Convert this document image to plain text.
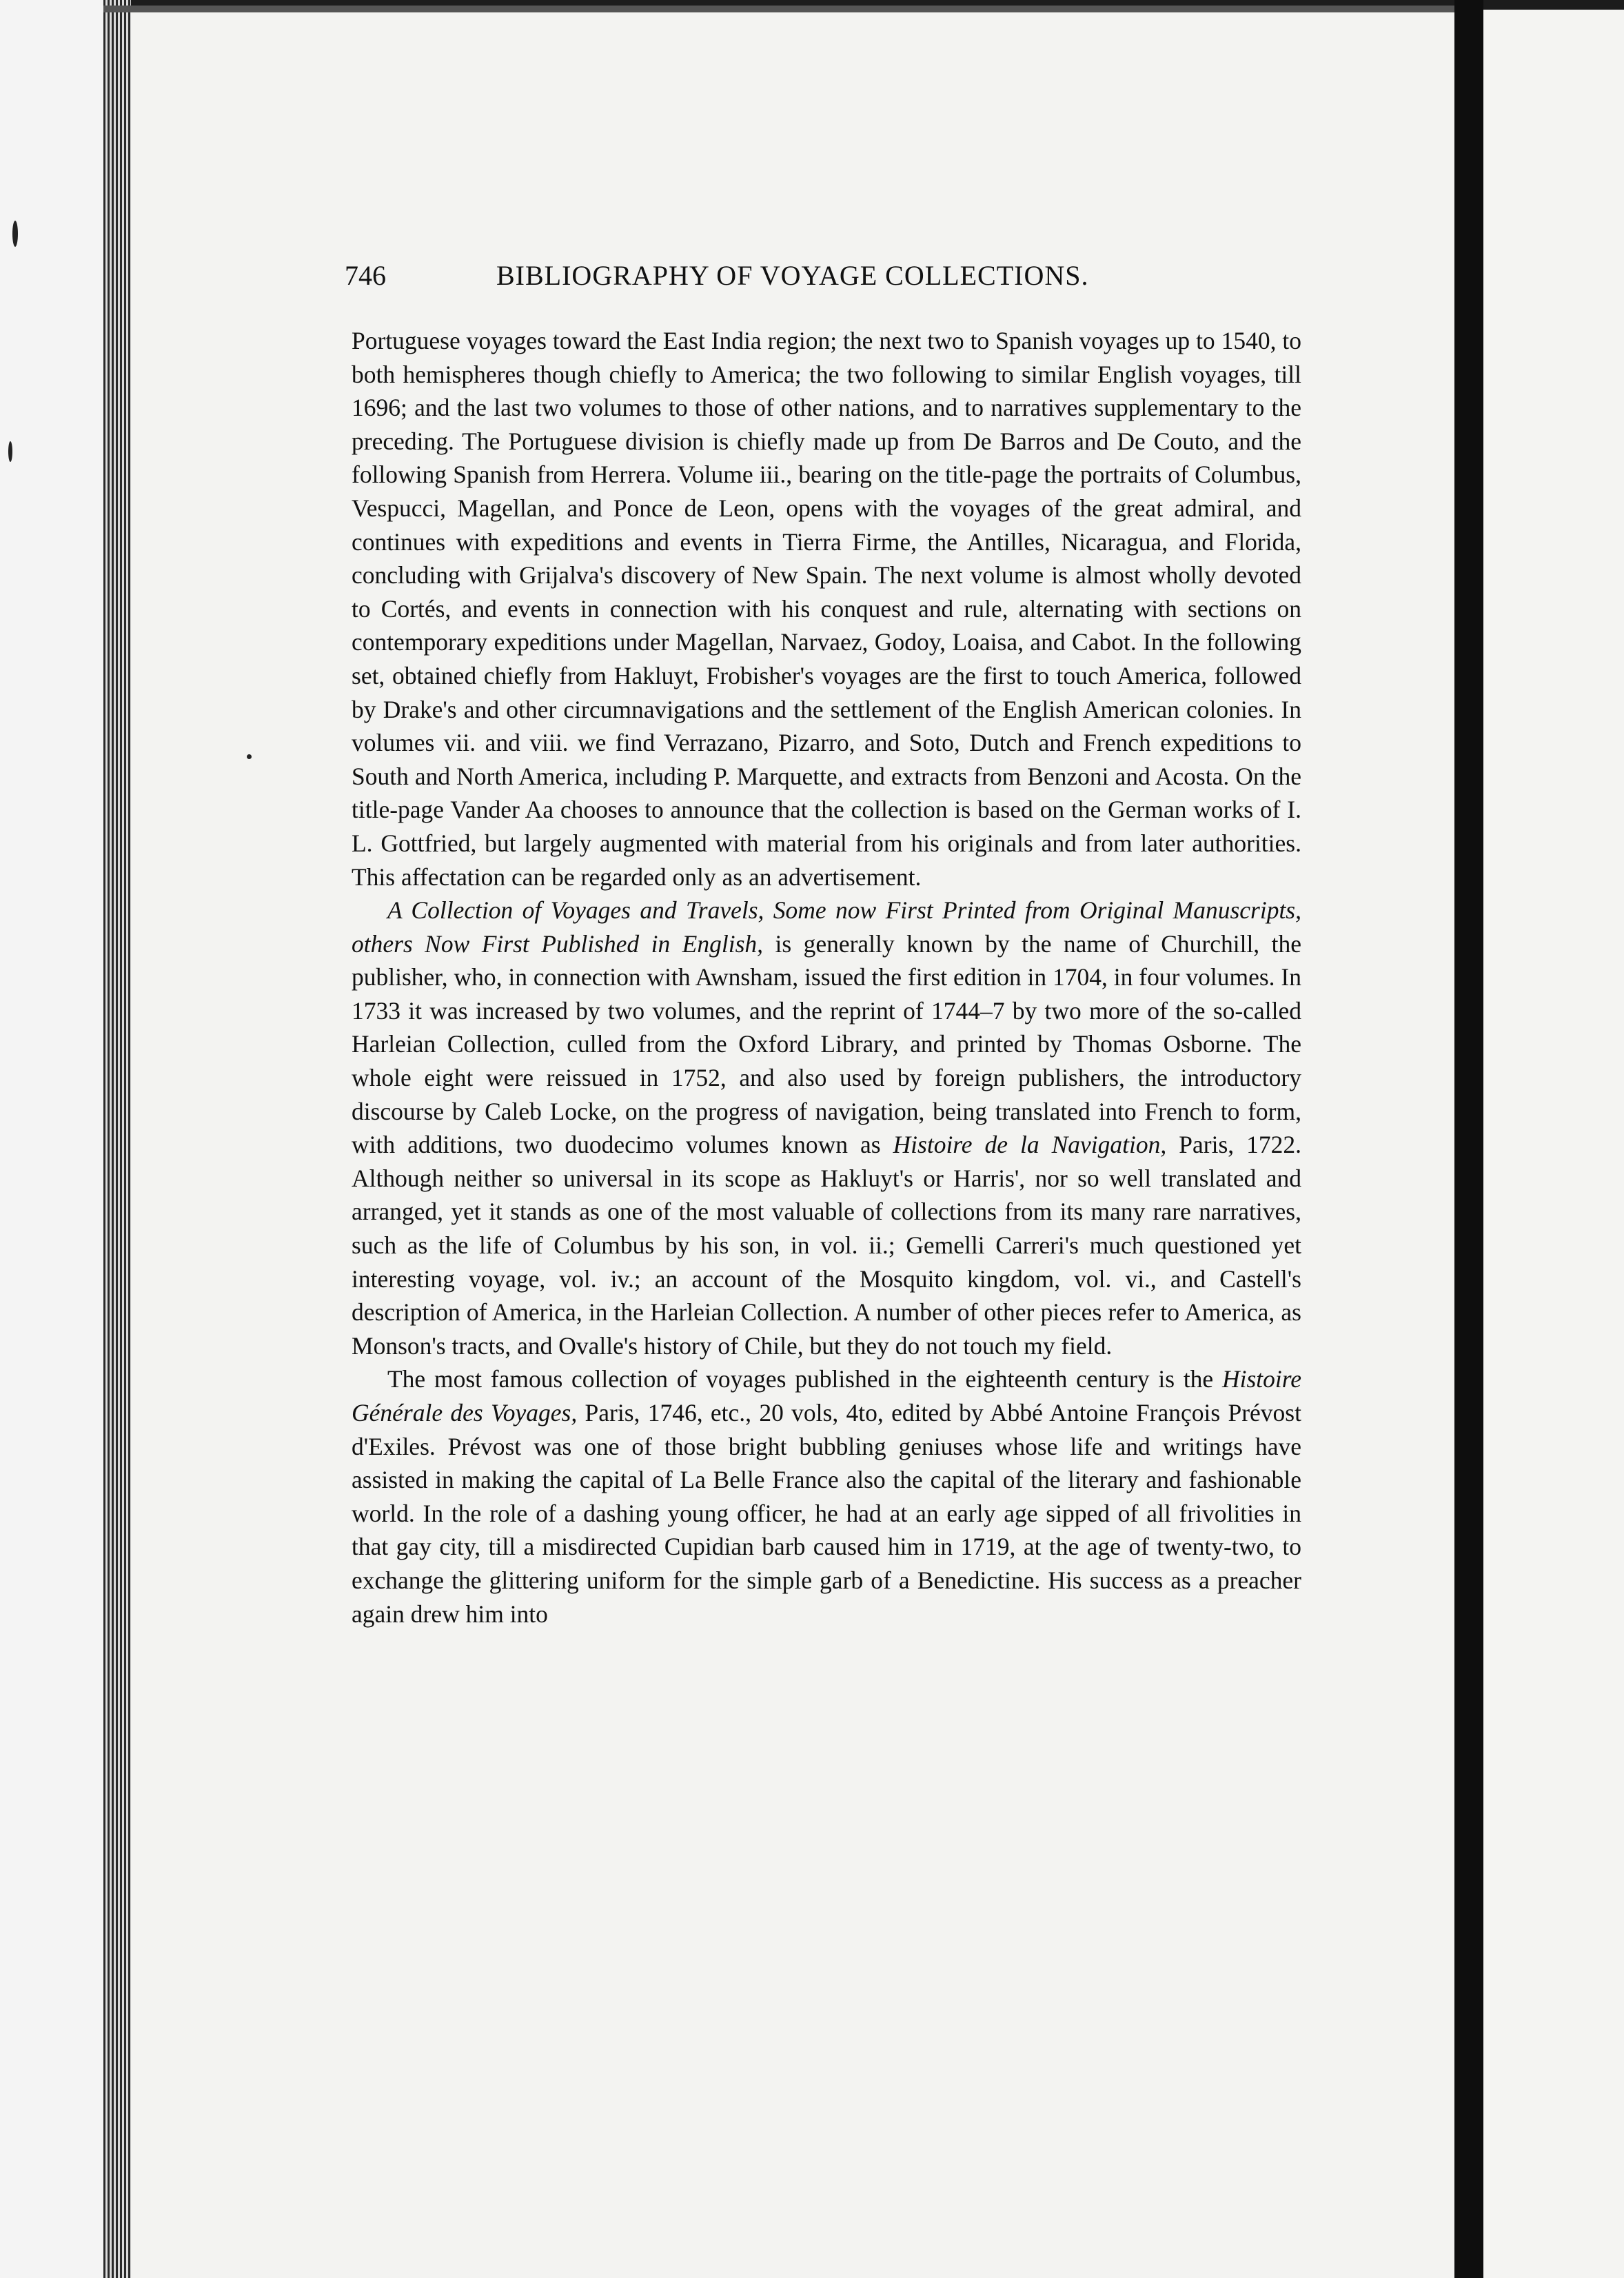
746	BIBLIOGRAPHY OF VOYAGE COLLECTIONS.

Portuguese voyages toward the East India region; the next two to Spanish voyages up to 1540, to both hemispheres though chiefly to America; the two following to similar English voyages, till 1696; and the last two volumes to those of other nations, and to narratives supplementary to the preceding. The Portuguese division is chiefly made up from De Barros and De Couto, and the following Spanish from Herrera. Volume iii., bearing on the title-page the portraits of Columbus, Vespucci, Magellan, and Ponce de Leon, opens with the voyages of the great admiral, and continues with expeditions and events in Tierra Firme, the Antilles, Nicaragua, and Florida, concluding with Grijalva's discovery of New Spain. The next volume is almost wholly devoted to Cortés, and events in connection with his conquest and rule, alternating with sections on contemporary expeditions under Magellan, Narvaez, Godoy, Loaisa, and Cabot. In the following set, obtained chiefly from Hakluyt, Frobisher's voyages are the first to touch America, followed by Drake's and other circumnavigations and the settlement of the English American colonies. In volumes vii. and viii. we find Verrazano, Pizarro, and Soto, Dutch and French expeditions to South and North America, including P. Marquette, and extracts from Benzoni and Acosta. On the title-page Vander Aa chooses to announce that the collection is based on the German works of I. L. Gottfried, but largely augmented with material from his originals and from later authorities. This affectation can be regarded only as an advertisement.

A Collection of Voyages and Travels, Some now First Printed from Original Manuscripts, others Now First Published in English, is generally known by the name of Churchill, the publisher, who, in connection with Awnsham, issued the first edition in 1704, in four volumes. In 1733 it was increased by two volumes, and the reprint of 1744–7 by two more of the so-called Harleian Collection, culled from the Oxford Library, and printed by Thomas Osborne. The whole eight were reissued in 1752, and also used by foreign publishers, the introductory discourse by Caleb Locke, on the progress of navigation, being translated into French to form, with additions, two duodecimo volumes known as Histoire de la Navigation, Paris, 1722. Although neither so universal in its scope as Hakluyt's or Harris', nor so well translated and arranged, yet it stands as one of the most valuable of collections from its many rare narratives, such as the life of Columbus by his son, in vol. ii.; Gemelli Carreri's much questioned yet interesting voyage, vol. iv.; an account of the Mosquito kingdom, vol. vi., and Castell's description of America, in the Harleian Collection. A number of other pieces refer to America, as Monson's tracts, and Ovalle's history of Chile, but they do not touch my field.

The most famous collection of voyages published in the eighteenth century is the Histoire Générale des Voyages, Paris, 1746, etc., 20 vols, 4to, edited by Abbé Antoine François Prévost d'Exiles. Prévost was one of those bright bubbling geniuses whose life and writings have assisted in making the capital of La Belle France also the capital of the literary and fashionable world. In the role of a dashing young officer, he had at an early age sipped of all frivolities in that gay city, till a misdirected Cupidian barb caused him in 1719, at the age of twenty-two, to exchange the glittering uniform for the simple garb of a Benedictine. His success as a preacher again drew him into
